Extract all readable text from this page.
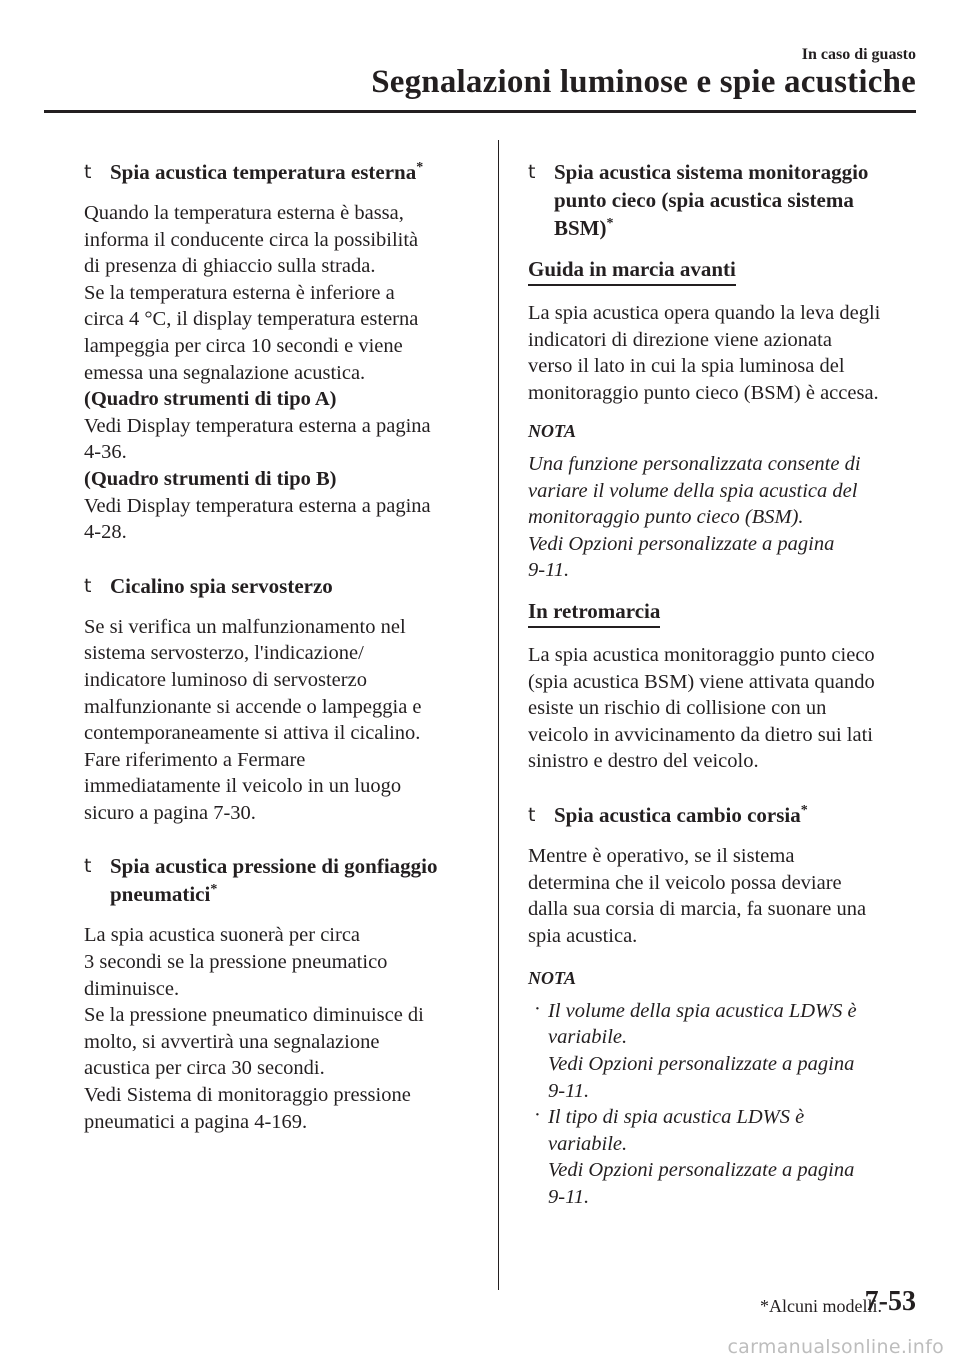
In caso di guasto
Segnalazioni luminose e spie acustiche
t Spia acustica temperatura esterna*

Quando la temperatura esterna è bassa,
informa il conducente circa la possibilità
di presenza di ghiaccio sulla strada.
Se la temperatura esterna è inferiore a
circa 4 °C, il display temperatura esterna
lampeggia per circa 10 secondi e viene
emessa una segnalazione acustica.
(Quadro strumenti di tipo A)
Vedi Display temperatura esterna a pagina
4-36.
(Quadro strumenti di tipo B)
Vedi Display temperatura esterna a pagina
4-28.

t Cicalino spia servosterzo

Se si verifica un malfunzionamento nel
sistema servosterzo, l'indicazione/
indicatore luminoso di servosterzo
malfunzionante si accende o lampeggia e
contemporaneamente si attiva il cicalino.
Fare riferimento a Fermare
immediatamente il veicolo in un luogo
sicuro a pagina 7-30.

t Spia acustica pressione di gonfiaggio
pneumatici*

La spia acustica suonerà per circa
3 secondi se la pressione pneumatico
diminuisce.
Se la pressione pneumatico diminuisce di
molto, si avvertirà una segnalazione
acustica per circa 30 secondi.
Vedi Sistema di monitoraggio pressione
pneumatici a pagina 4-169.

t Spia acustica sistema monitoraggio
punto cieco (spia acustica sistema
BSM)*
Guida in marcia avanti

La spia acustica opera quando la leva degli
indicatori di direzione viene azionata
verso il lato in cui la spia luminosa del
monitoraggio punto cieco (BSM) è accesa.

NOTA

Una funzione personalizzata consente di
variare il volume della spia acustica del
monitoraggio punto cieco (BSM).
Vedi Opzioni personalizzate a pagina
9-11.

In retromarcia

La spia acustica monitoraggio punto cieco
(spia acustica BSM) viene attivata quando
esiste un rischio di collisione con un
veicolo in avvicinamento da dietro sui lati
sinistro e destro del veicolo.

t Spia acustica cambio corsia*

Mentre è operativo, se il sistema
determina che il veicolo possa deviare
dalla sua corsia di marcia, fa suonare una
spia acustica.

NOTA
· Il volume della spia acustica LDWS è
variabile.
Vedi Opzioni personalizzate a pagina
9-11.
· Il tipo di spia acustica LDWS è
variabile.
Vedi Opzioni personalizzate a pagina
9-11.
*Alcuni modelli.
7-53
carmanualsonline.info
